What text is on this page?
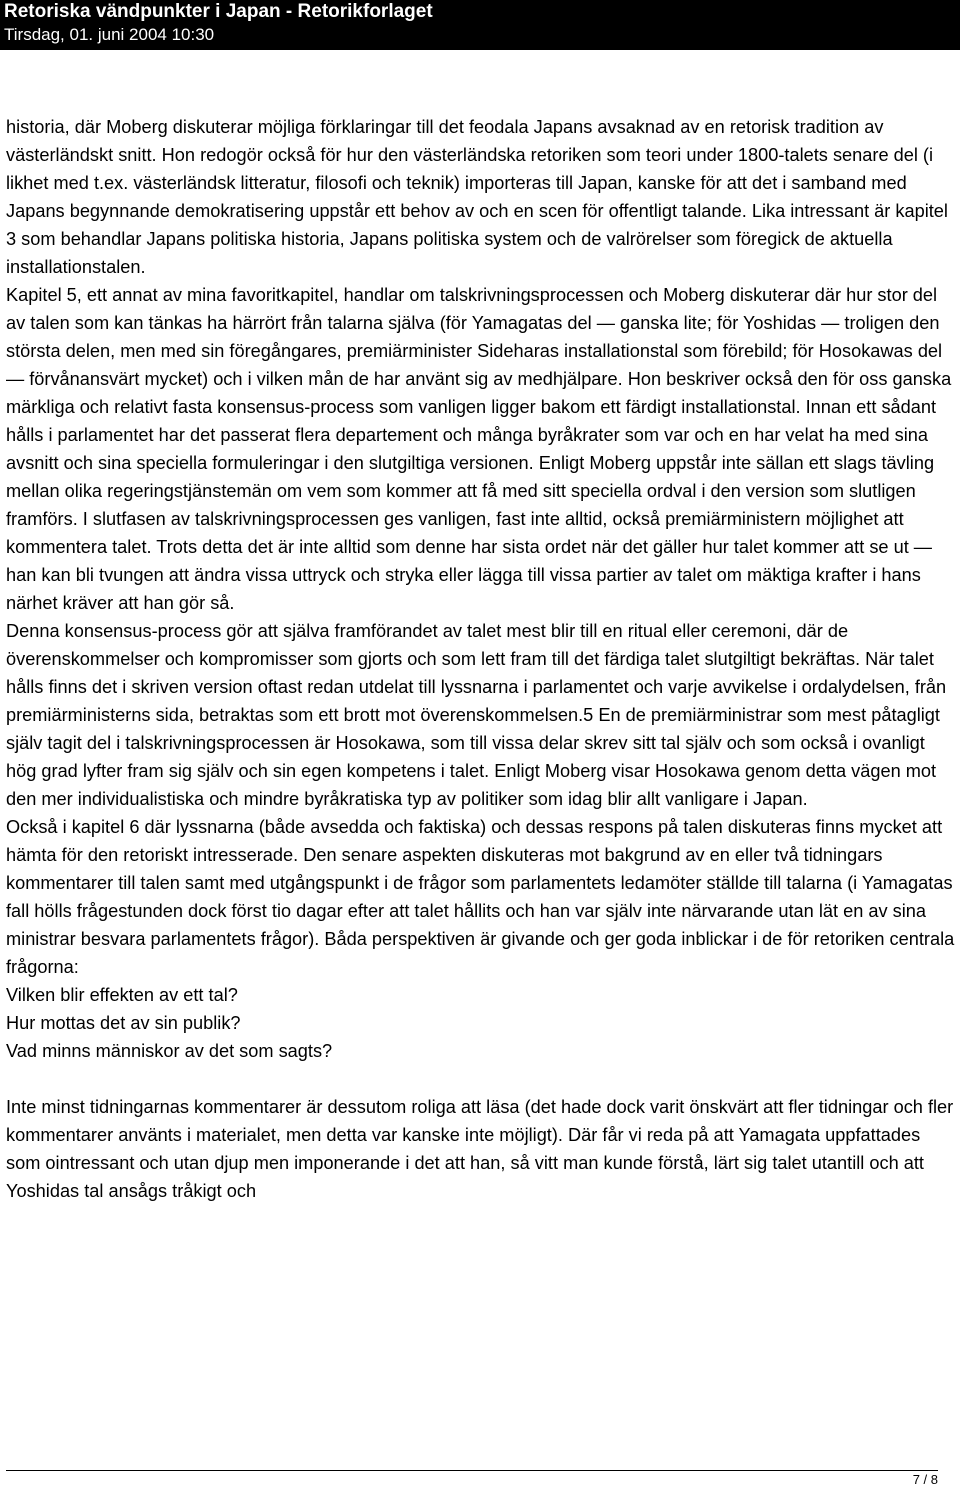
Retoriska vändpunkter i Japan - Retorikforlaget
Tirsdag, 01. juni 2004 10:30

historia, där Moberg diskuterar möjliga förklaringar till det feodala Japans avsaknad av en retorisk tradition av västerländskt snitt. Hon redogör också för hur den västerländska retoriken som teori under 1800-talets senare del (i likhet med t.ex. västerländsk litteratur, filosofi och teknik) importeras till Japan, kanske för att det i samband med Japans begynnande demokratisering uppstår ett behov av och en scen för offentligt talande. Lika intressant är kapitel 3 som behandlar Japans politiska historia, Japans politiska system och de valrörelser som föregick de aktuella installationstalen.

Kapitel 5, ett annat av mina favoritkapitel, handlar om talskrivningsprocessen och Moberg diskuterar där hur stor del av talen som kan tänkas ha härrört från talarna själva (för Yamagatas del — ganska lite; för Yoshidas — troligen den största delen, men med sin föregångares, premiärminister Sideharas installationstal som förebild; för Hosokawas del — förvånansvärt mycket) och i vilken mån de har använt sig av medhjälpare. Hon beskriver också den för oss ganska märkliga och relativt fasta konsensus-process som vanligen ligger bakom ett färdigt installationstal. Innan ett sådant hålls i parlamentet har det passerat flera departement och många byråkrater som var och en har velat ha med sina avsnitt och sina speciella formuleringar i den slutgiltiga versionen. Enligt Moberg uppstår inte sällan ett slags tävling mellan olika regeringstjänstemän om vem som kommer att få med sitt speciella ordval i den version som slutligen framförs. I slutfasen av talskrivningsprocessen ges vanligen, fast inte alltid, också premiärministern möjlighet att kommentera talet. Trots detta det är inte alltid som denne har sista ordet när det gäller hur talet kommer att se ut — han kan bli tvungen att ändra vissa uttryck och stryka eller lägga till vissa partier av talet om mäktiga krafter i hans närhet kräver att han gör så.

Denna konsensus-process gör att själva framförandet av talet mest blir till en ritual eller ceremoni, där de överenskommelser och kompromisser som gjorts och som lett fram till det färdiga talet slutgiltigt bekräftas. När talet hålls finns det i skriven version oftast redan utdelat till lyssnarna i parlamentet och varje avvikelse i ordalydelsen, från premiärministerns sida, betraktas som ett brott mot överenskommelsen.5 En de premiärministrar som mest påtagligt själv tagit del i talskrivningsprocessen är Hosokawa, som till vissa delar skrev sitt tal själv och som också i ovanligt hög grad lyfter fram sig själv och sin egen kompetens i talet. Enligt Moberg visar Hosokawa genom detta vägen mot den mer individualistiska och mindre byråkratiska typ av politiker som idag blir allt vanligare i Japan.

Också i kapitel 6 där lyssnarna (både avsedda och faktiska) och dessas respons på talen diskuteras finns mycket att hämta för den retoriskt intresserade. Den senare aspekten diskuteras mot bakgrund av en eller två tidningars kommentarer till talen samt med utgångspunkt i de frågor som parlamentets ledamöter ställde till talarna (i Yamagatas fall hölls frågestunden dock först tio dagar efter att talet hållits och han var själv inte närvarande utan lät en av sina ministrar besvara parlamentets frågor). Båda perspektiven är givande och ger goda inblickar i de för retoriken centrala frågorna:

Vilken blir effekten av ett tal?

Hur mottas det av sin publik?

Vad minns människor av det som sagts?

Inte minst tidningarnas kommentarer är dessutom roliga att läsa (det hade dock varit önskvärt att fler tidningar och fler kommentarer använts i materialet, men detta var kanske inte möjligt). Där får vi reda på att Yamagata uppfattades som ointressant och utan djup men imponerande i det att han, så vitt man kunde förstå, lärt sig talet utantill och att Yoshidas tal ansågs tråkigt och

7 / 8
